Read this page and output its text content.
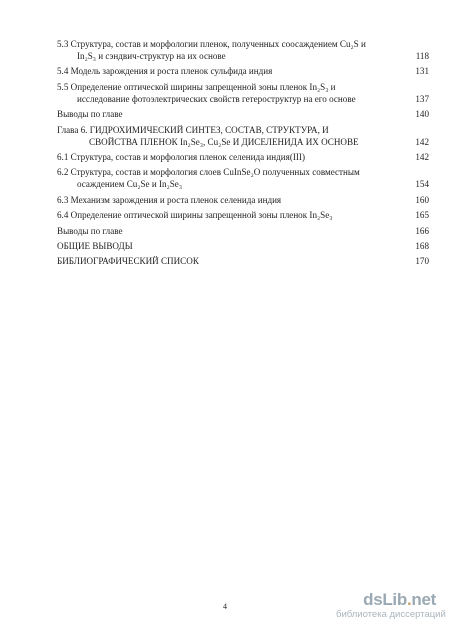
5.3 Структура, состав и морфологии пленок, полученных соосаждением Cu₂S и
In₂S₃ и сэндвич-структур на их основе	118
5.4 Модель зарождения и роста пленок сульфида индия	131
5.5 Определение оптической ширины запрещенной зоны пленок In₂S₃ и
исследование фотоэлектрических свойств гетероструктур на его основе	137
Выводы по главе	140
Глава 6. ГИДРОХИМИЧЕСКИЙ СИНТЕЗ, СОСТАВ, СТРУКТУРА, И
СВОЙСТВА ПЛЕНОК In₂Se₃, Cu₂Se И ДИСЕЛЕНИДА ИХ ОСНОВЕ	142
6.1 Структура, состав и морфология пленок селенида индия(III)	142
6.2 Структура, состав и морфология слоев CuInSe₂O полученных совместным
осаждением Cu₂Se и In₂Se₃	154
6.3 Механизм зарождения и роста пленок селенида индия	160
6.4 Определение оптической ширины запрещенной зоны пленок In₂Se₃	165
Выводы по главе	166
ОБЩИЕ ВЫВОДЫ	168
БИБЛИОГРАФИЧЕСКИЙ СПИСОК	170
4	dsLib.net
библиотека диссертаций
